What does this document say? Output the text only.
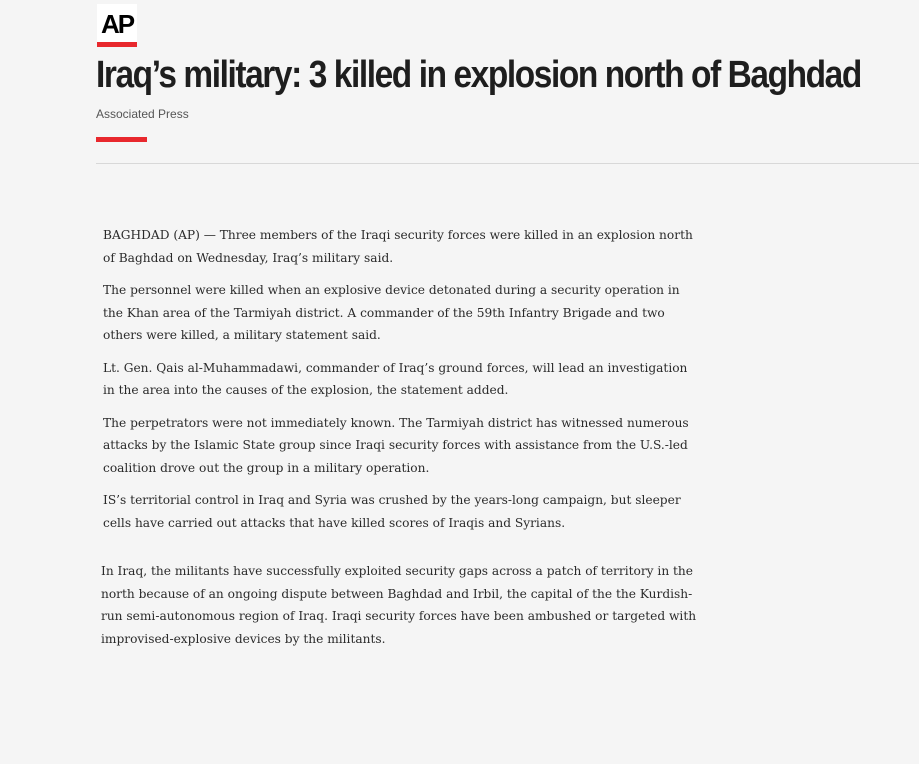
AP
Iraq’s military: 3 killed in explosion north of Baghdad
Associated Press

BAGHDAD (AP) — Three members of the Iraqi security forces were killed in an explosion north of Baghdad on Wednesday, Iraq’s military said.

The personnel were killed when an explosive device detonated during a security operation in the Khan area of the Tarmiyah district. A commander of the 59th Infantry Brigade and two others were killed, a military statement said.

Lt. Gen. Qais al-Muhammadawi, commander of Iraq’s ground forces, will lead an investigation in the area into the causes of the explosion, the statement added.

The perpetrators were not immediately known. The Tarmiyah district has witnessed numerous attacks by the Islamic State group since Iraqi security forces with assistance from the U.S.-led coalition drove out the group in a military operation.

IS’s territorial control in Iraq and Syria was crushed by the years-long campaign, but sleeper cells have carried out attacks that have killed scores of Iraqis and Syrians.

In Iraq, the militants have successfully exploited security gaps across a patch of territory in the north because of an ongoing dispute between Baghdad and Irbil, the capital of the the Kurdish-run semi-autonomous region of Iraq. Iraqi security forces have been ambushed or targeted with improvised-explosive devices by the militants.
